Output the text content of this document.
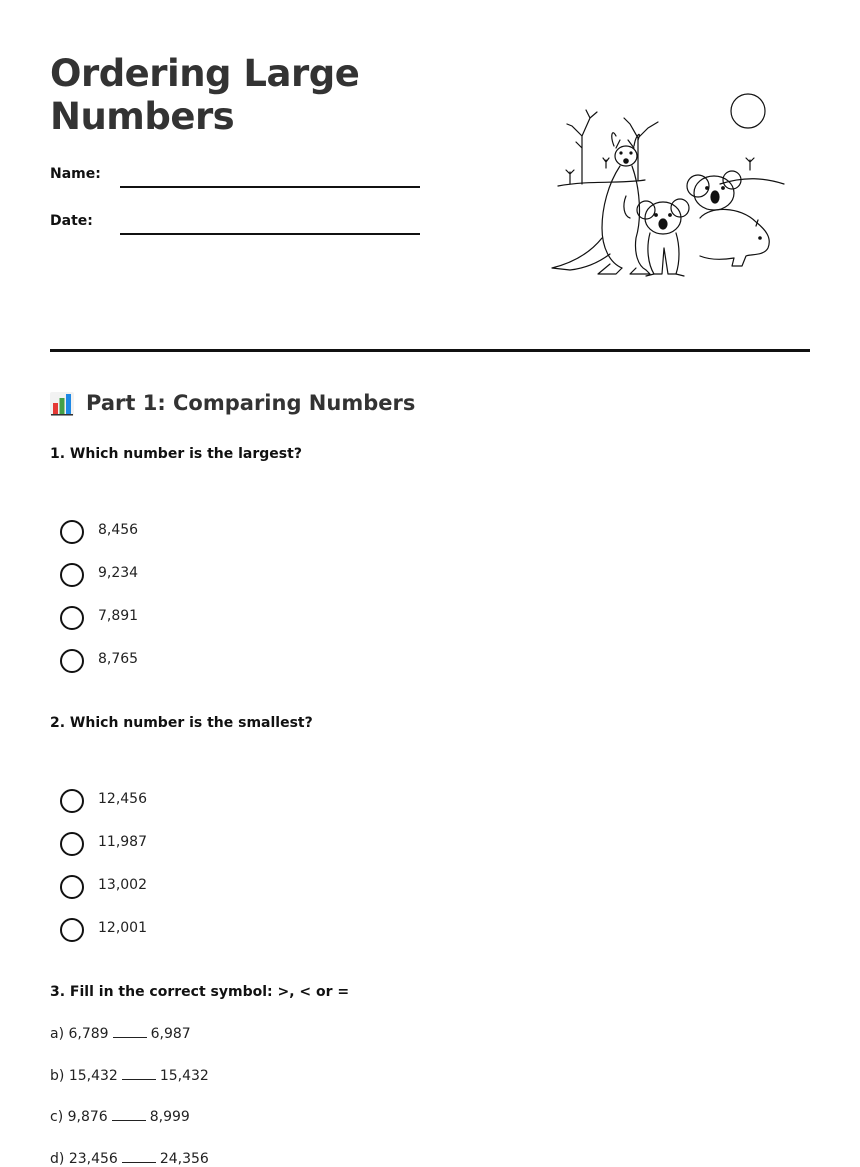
Ordering Large
Numbers
Name:
Date:
Part 1: Comparing Numbers
1. Which number is the largest?
8,456
9,234
7,891
8,765
2. Which number is the smallest?
12,456
11,987
13,002
12,001
3. Fill in the correct symbol: >, < or =
a)
6,789	6,987
b)
15,432	15,432
c)
9,876	8,999
d)
23,456	24,356
